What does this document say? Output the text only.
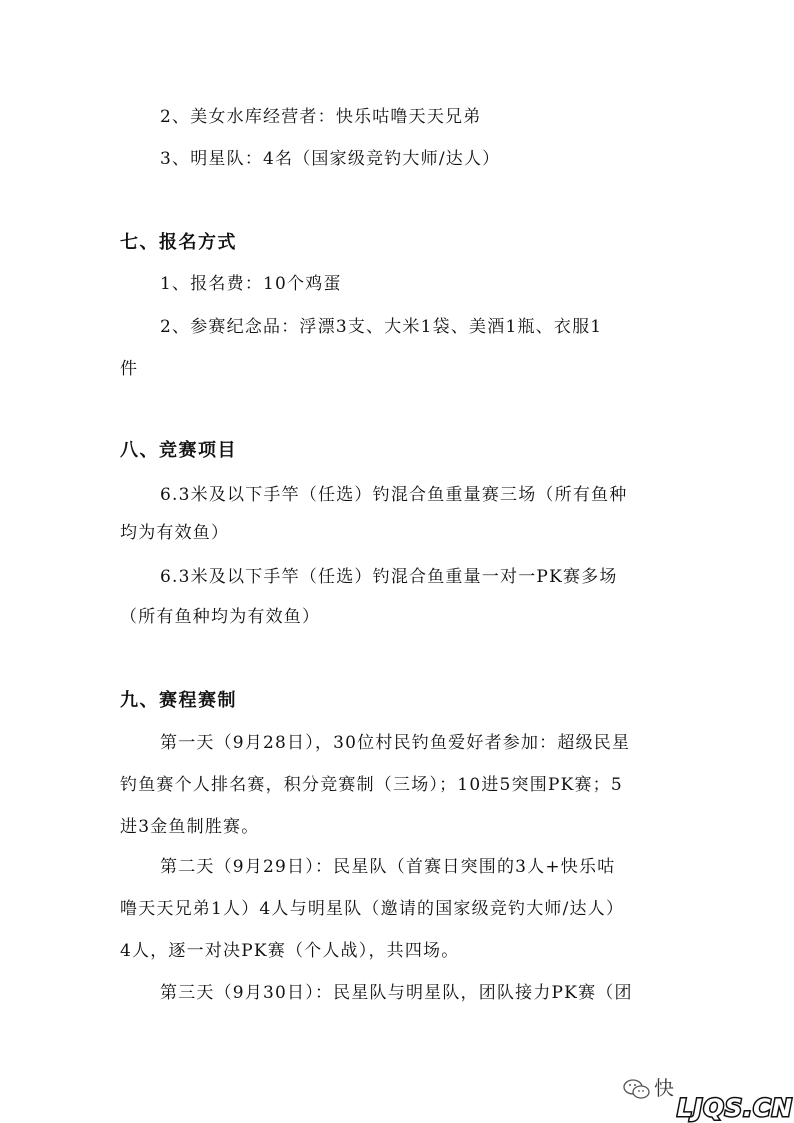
2、美女水库经营者：快乐咕噜天天兄弟
3、明星队：4名（国家级竞钓大师/达人）
七、报名方式
1、报名费：10个鸡蛋
2、参赛纪念品：浮漂3支、大米1袋、美酒1瓶、衣服1
件
八、竞赛项目
6.3米及以下手竿（任选）钓混合鱼重量赛三场（所有鱼种
均为有效鱼）
6.3米及以下手竿（任选）钓混合鱼重量一对一PK赛多场
（所有鱼种均为有效鱼）
九、赛程赛制
第一天（9月28日），30位村民钓鱼爱好者参加：超级民星
钓鱼赛个人排名赛，积分竞赛制（三场）；10进5突围PK赛；5
进3金鱼制胜赛。
第二天（9月29日）：民星队（首赛日突围的3人+快乐咕
噜天天兄弟1人）4人与明星队（邀请的国家级竞钓大师/达人）
4人，逐一对决PK赛（个人战），共四场。
第三天（9月30日）：民星队与明星队，团队接力PK赛（团
快
LJQS.CN
